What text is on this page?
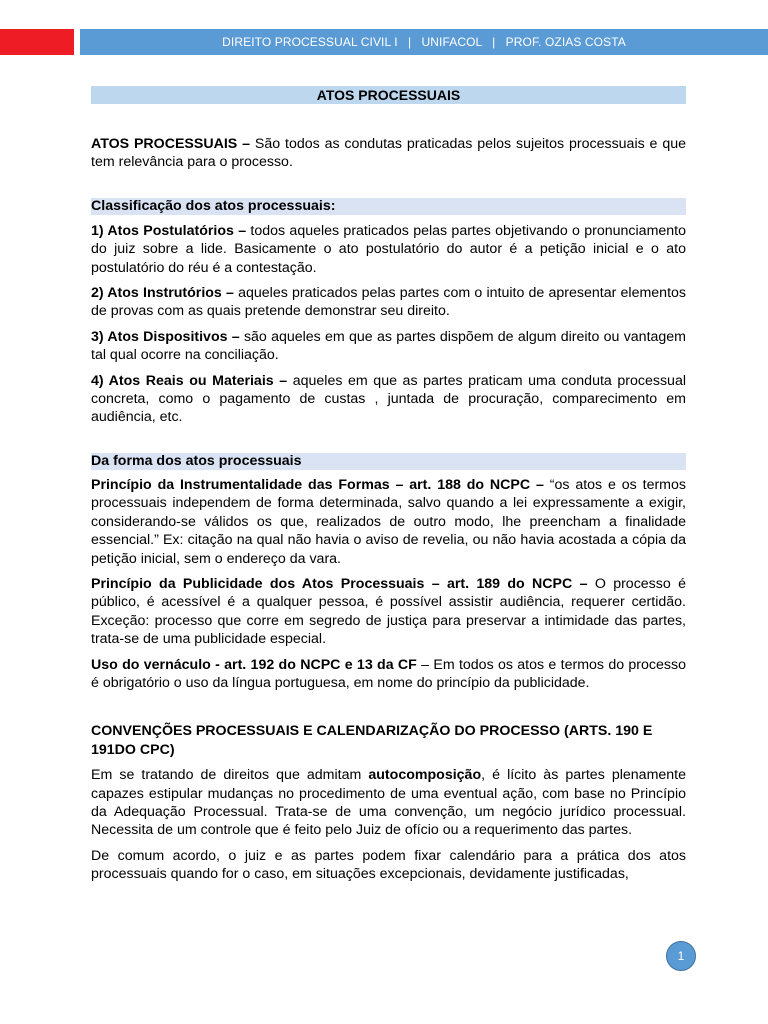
DIREITO PROCESSUAL CIVIL I   |   UNIFACOL   |   PROF. OZIAS COSTA
ATOS PROCESSUAIS

ATOS PROCESSUAIS – São todos as condutas praticadas pelos sujeitos processuais e que tem relevância para o processo.

Classificação dos atos processuais:

1) Atos Postulatórios – todos aqueles praticados pelas partes objetivando o pronunciamento do juiz sobre a lide. Basicamente o ato postulatório do autor é a petição inicial e o ato postulatório do réu é a contestação.

2) Atos Instrutórios – aqueles praticados pelas partes com o intuito de apresentar elementos de provas com as quais pretende demonstrar seu direito.

3) Atos Dispositivos – são aqueles em que as partes dispõem de algum direito ou vantagem tal qual ocorre na conciliação.

4) Atos Reais ou Materiais – aqueles em que as partes praticam uma conduta processual concreta, como o pagamento de custas , juntada de procuração, comparecimento em audiência, etc.

Da forma dos atos processuais

Princípio da Instrumentalidade das Formas – art. 188 do NCPC – “os atos e os termos processuais independem de forma determinada, salvo quando a lei expressamente a exigir, considerando-se válidos os que, realizados de outro modo, lhe preencham a finalidade essencial.” Ex: citação na qual não havia o aviso de revelia, ou não havia acostada a cópia da petição inicial, sem o endereço da vara.

Princípio da Publicidade dos Atos Processuais – art. 189 do NCPC – O processo é público, é acessível é a qualquer pessoa, é possível assistir audiência, requerer certidão. Exceção: processo que corre em segredo de justiça para preservar a intimidade das partes, trata-se de uma publicidade especial.

Uso do vernáculo - art. 192 do NCPC e 13 da CF – Em todos os atos e termos do processo é obrigatório o uso da língua portuguesa, em nome do princípio da publicidade.

CONVENÇÕES PROCESSUAIS E CALENDARIZAÇÃO DO PROCESSO (ARTS. 190 E 191DO CPC)

Em se tratando de direitos que admitam autocomposição, é lícito às partes plenamente capazes estipular mudanças no procedimento de uma eventual ação, com base no Princípio da Adequação Processual. Trata-se de uma convenção, um negócio jurídico processual. Necessita de um controle que é feito pelo Juiz de ofício ou a requerimento das partes.

De comum acordo, o juiz e as partes podem fixar calendário para a prática dos atos processuais quando for o caso, em situações excepcionais, devidamente justificadas,

1
